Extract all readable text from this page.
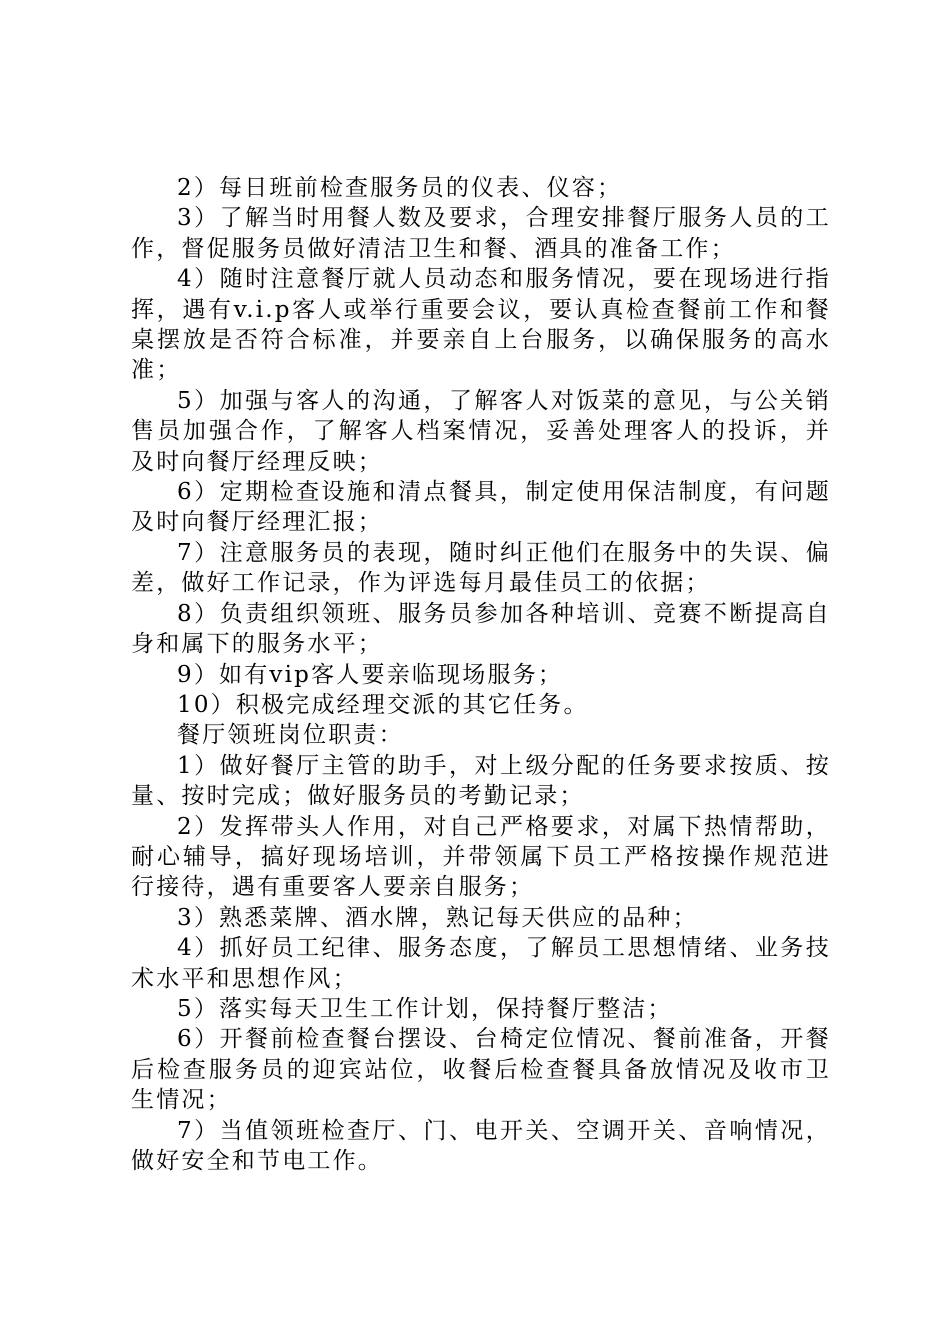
2）每日班前检查服务员的仪表、仪容；

3）了解当时用餐人数及要求，合理安排餐厅服务人员的工作，督促服务员做好清洁卫生和餐、酒具的准备工作；

4）随时注意餐厅就人员动态和服务情况，要在现场进行指挥，遇有v.i.p客人或举行重要会议，要认真检查餐前工作和餐桌摆放是否符合标准，并要亲自上台服务，以确保服务的高水准；

5）加强与客人的沟通，了解客人对饭菜的意见，与公关销售员加强合作，了解客人档案情况，妥善处理客人的投诉，并及时向餐厅经理反映；

6）定期检查设施和清点餐具，制定使用保洁制度，有问题及时向餐厅经理汇报；

7）注意服务员的表现，随时纠正他们在服务中的失误、偏差，做好工作记录，作为评选每月最佳员工的依据；

8）负责组织领班、服务员参加各种培训、竞赛不断提高自身和属下的服务水平；

9）如有vip客人要亲临现场服务；

10）积极完成经理交派的其它任务。

餐厅领班岗位职责：

1）做好餐厅主管的助手，对上级分配的任务要求按质、按量、按时完成；做好服务员的考勤记录；

2）发挥带头人作用，对自己严格要求，对属下热情帮助，耐心辅导，搞好现场培训，并带领属下员工严格按操作规范进行接待，遇有重要客人要亲自服务；

3）熟悉菜牌、酒水牌，熟记每天供应的品种；

4）抓好员工纪律、服务态度，了解员工思想情绪、业务技术水平和思想作风；

5）落实每天卫生工作计划，保持餐厅整洁；

6）开餐前检查餐台摆设、台椅定位情况、餐前准备，开餐后检查服务员的迎宾站位，收餐后检查餐具备放情况及收市卫生情况；

7）当值领班检查厅、门、电开关、空调开关、音响情况，做好安全和节电工作。
